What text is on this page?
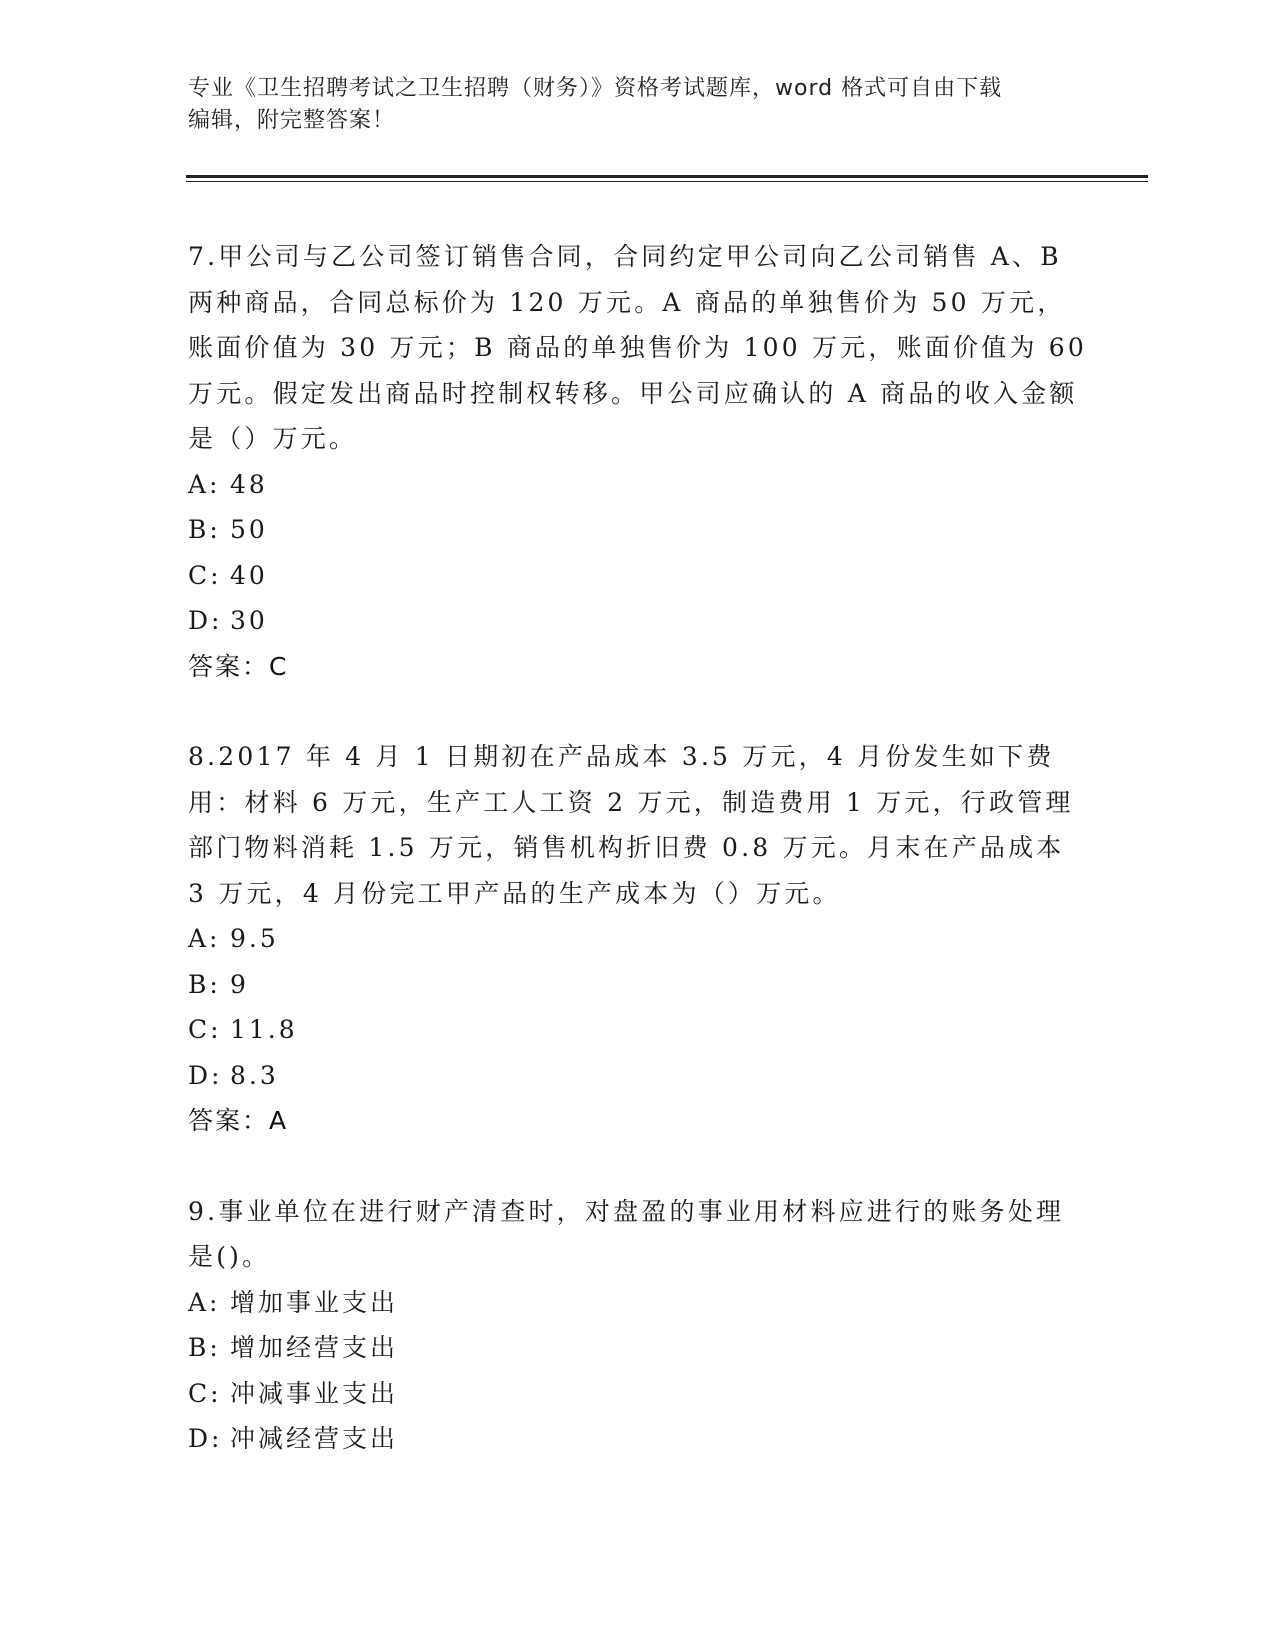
专业《卫生招聘考试之卫生招聘（财务）》资格考试题库，word 格式可自由下载
编辑，附完整答案！

7.甲公司与乙公司签订销售合同，合同约定甲公司向乙公司销售 A、B 两种商品，合同总标价为 120 万元。A 商品的单独售价为 50 万元，账面价值为 30 万元；B 商品的单独售价为 100 万元，账面价值为 60 万元。假定发出商品时控制权转移。甲公司应确认的 A 商品的收入金额是（）万元。

A: 48
B: 50
C: 40
D: 30

答案：C

8.2017 年 4 月 1 日期初在产品成本 3.5 万元，4 月份发生如下费用：材料 6 万元，生产工人工资 2 万元，制造费用 1 万元，行政管理部门物料消耗 1.5 万元，销售机构折旧费 0.8 万元。月末在产品成本 3 万元，4 月份完工甲产品的生产成本为（）万元。

A: 9.5
B: 9
C: 11.8
D: 8.3

答案：A

9.事业单位在进行财产清查时，对盘盈的事业用材料应进行的账务处理是()。

A: 增加事业支出
B: 增加经营支出
C: 冲减事业支出
D: 冲减经营支出
